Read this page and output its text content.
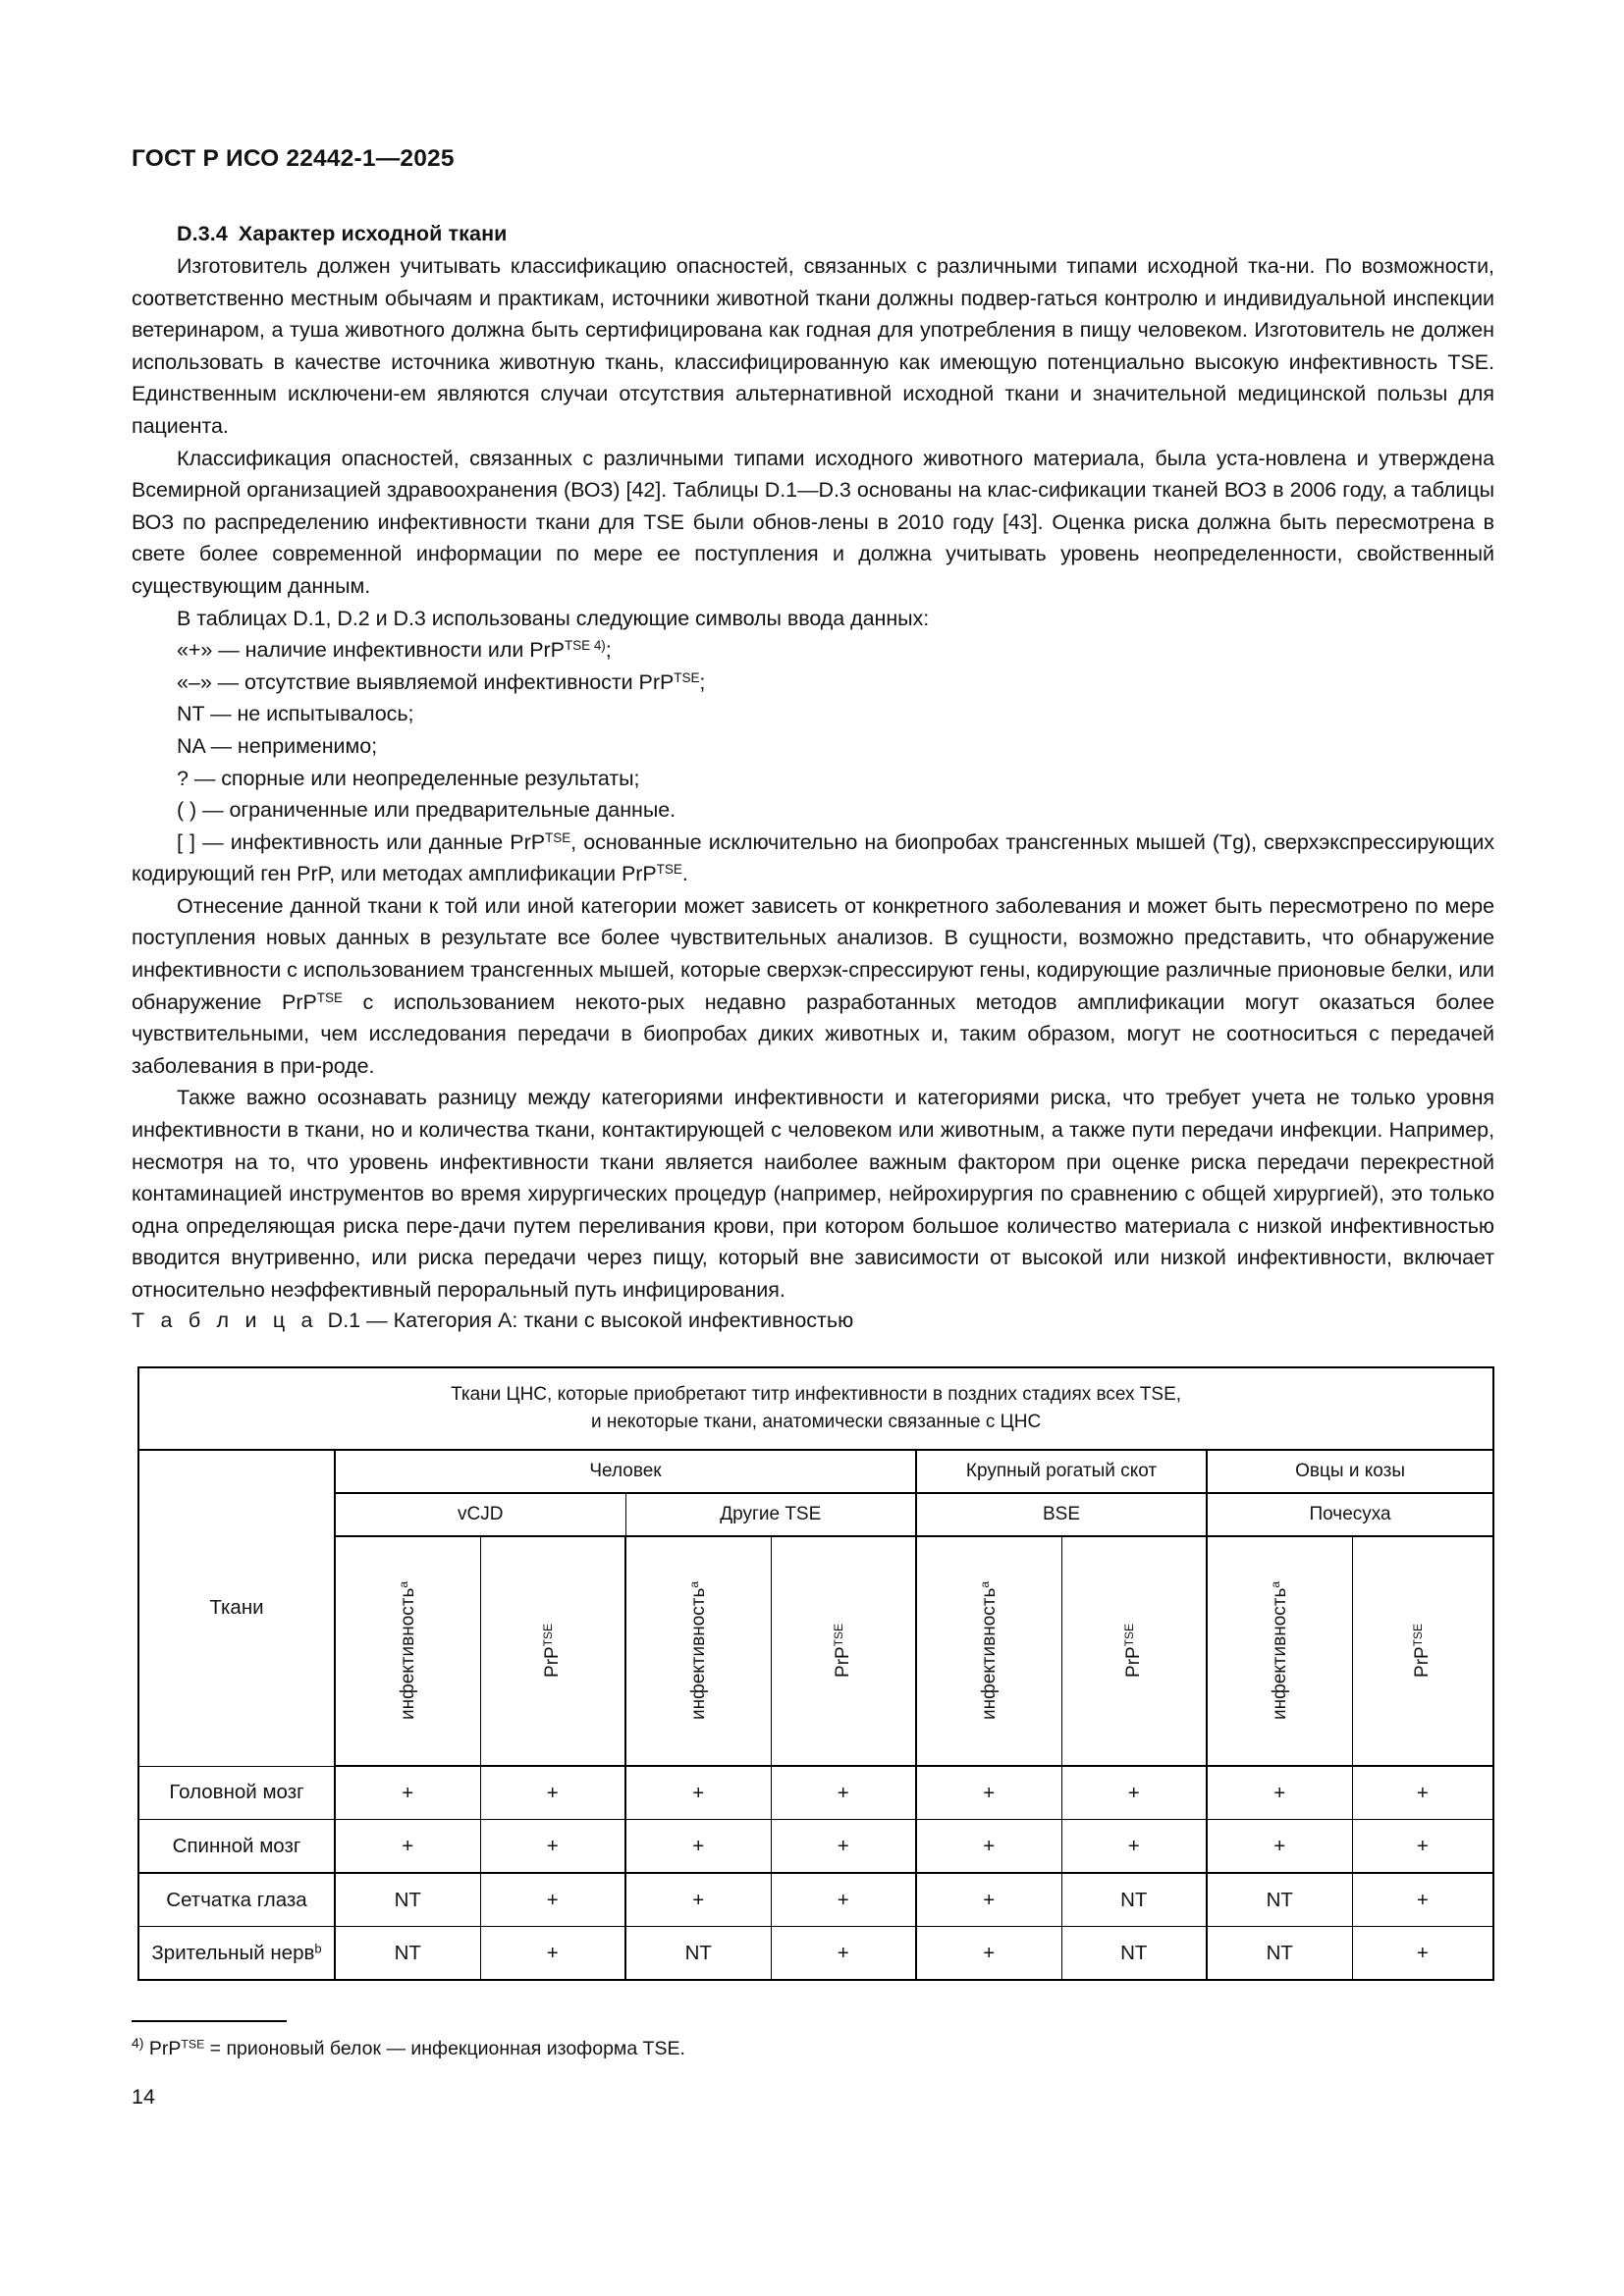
ГОСТ Р ИСО 22442-1—2025
D.3.4 Характер исходной ткани

Изготовитель должен учитывать классификацию опасностей, связанных с различными типами исходной тка-ни. По возможности, соответственно местным обычаям и практикам, источники животной ткани должны подвер-гаться контролю и индивидуальной инспекции ветеринаром, а туша животного должна быть сертифицирована как годная для употребления в пищу человеком. Изготовитель не должен использовать в качестве источника животную ткань, классифицированную как имеющую потенциально высокую инфективность TSE. Единственным исключени-ем являются случаи отсутствия альтернативной исходной ткани и значительной медицинской пользы для пациента.

Классификация опасностей, связанных с различными типами исходного животного материала, была уста-новлена и утверждена Всемирной организацией здравоохранения (ВОЗ) [42]. Таблицы D.1—D.3 основаны на клас-сификации тканей ВОЗ в 2006 году, а таблицы ВОЗ по распределению инфективности ткани для TSE были обнов-лены в 2010 году [43]. Оценка риска должна быть пересмотрена в свете более современной информации по мере ее поступления и должна учитывать уровень неопределенности, свойственный существующим данным.

В таблицах D.1, D.2 и D.3 использованы следующие символы ввода данных:

«+» — наличие инфективности или PrP$^{TSE 4)}$;

«–» — отсутствие выявляемой инфективности PrP$^{TSE}$;

NT — не испытывалось;

NA — неприменимо;

? — спорные или неопределенные результаты;

( ) — ограниченные или предварительные данные.

[ ] — инфективность или данные PrP$^{TSE}$, основанные исключительно на биопробах трансгенных мышей (Tg), сверхэкспрессирующих кодирующий ген PrP, или методах амплификации PrP$^{TSE}$.

Отнесение данной ткани к той или иной категории может зависеть от конкретного заболевания и может быть пересмотрено по мере поступления новых данных в результате все более чувствительных анализов. В сущности, возможно представить, что обнаружение инфективности с использованием трансгенных мышей, которые сверхэк-спрессируют гены, кодирующие различные прионовые белки, или обнаружение PrP$^{TSE}$ с использованием некото-рых недавно разработанных методов амплификации могут оказаться более чувствительными, чем исследования передачи в биопробах диких животных и, таким образом, могут не соотноситься с передачей заболевания в при-роде.

Также важно осознавать разницу между категориями инфективности и категориями риска, что требует учета не только уровня инфективности в ткани, но и количества ткани, контактирующей с человеком или животным, а также пути передачи инфекции. Например, несмотря на то, что уровень инфективности ткани является наиболее важным фактором при оценке риска передачи перекрестной контаминацией инструментов во время хирургических процедур (например, нейрохирургия по сравнению с общей хирургией), это только одна определяющая риска пере-дачи путем переливания крови, при котором большое количество материала с низкой инфективностью вводится внутривенно, или риска передачи через пищу, который вне зависимости от высокой или низкой инфективности, включает относительно неэффективный пероральный путь инфицирования.

Т а б л и ц а D.1 — Категория А: ткани с высокой инфективностью
Ткани ЦНС, которые приобретают титр инфективности в поздних стадиях всех TSE,
и некоторые ткани, анатомически связанные с ЦНС								

Ткани	Человек				Крупный рогатый скот		Овцы и козы	
	vCJD		Другие TSE		BSE		Почесуха	
	инфективность$^a$	PrP$^{TSE}$	инфективность$^a$	PrP$^{TSE}$	инфективность$^a$	PrP$^{TSE}$	инфективность$^a$	PrP$^{TSE}$
Головной мозг	+	+	+	+	+	+	+	+
Спинной мозг	+	+	+	+	+	+	+	+
Сетчатка глаза	NT	+	+	+	+	NT	NT	+
Зрительный нерв$^b$	NT	+	NT	+	+	NT	NT	+
$^{4)}$ PrP$^{TSE}$ = прионовый белок — инфекционная изоформа TSE.
14
